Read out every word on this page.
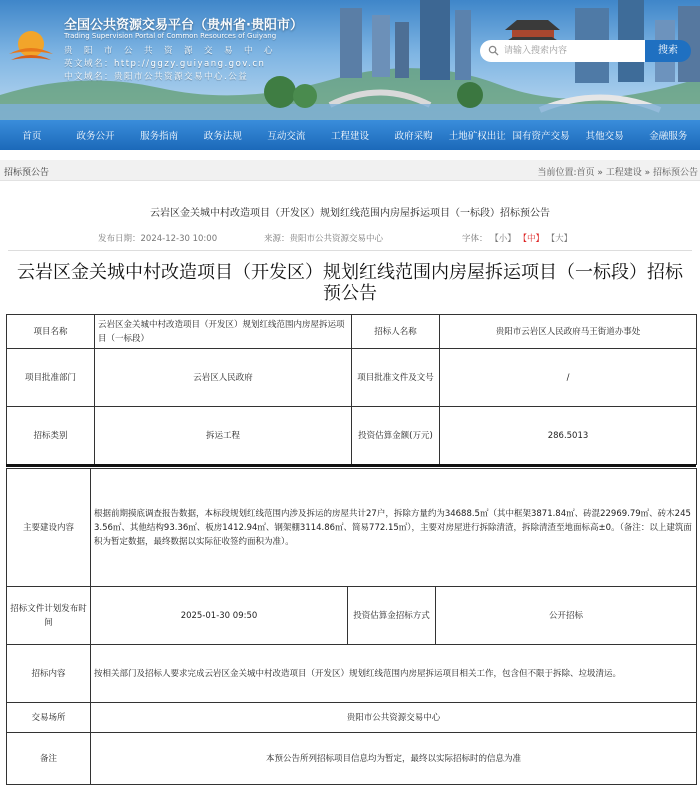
全国公共资源交易平台（贵州省·贵阳市）
Trading Supervision Portal of Common Resources of Guiyang
贵　阳　市　公　共　资　源　交　易　中　心
英文域名：http://ggzy.guiyang.gov.cn
中文域名：贵阳市公共资源交易中心.公益
请输入搜索内容	搜索
首页	政务公开	服务指南	政务法规	互动交流	工程建设	政府采购	土地矿权出让 国有资产交易	其他交易	金融服务
招标预公告	当前位置:首页 » 工程建设 » 招标预公告
云岩区金关城中村改造项目（开发区）规划红线范围内房屋拆运项目（一标段）招标预公告
发布日期：2024-12-30 10:00	来源：贵阳市公共资源交易中心	字体： 【小】 【中】 【大】
云岩区金关城中村改造项目（开发区）规划红线范围内房屋拆运项目（一标段）招标预公告
项目名称	云岩区金关城中村改造项目（开发区）规划红线范围内房屋拆运项目（一标段）	招标人名称	贵阳市云岩区人民政府马王街道办事处
项目批准部门	云岩区人民政府	项目批准文件及文号	/
招标类别	拆运工程	投资估算金额(万元)	286.5013
主要建设内容	根据前期摸底调查报告数据，本标段规划红线范围内涉及拆运的房屋共计27户，拆除方量约为34688.5㎡（其中框架3871.84㎡、砖混22969.79㎡、砖木2453.56㎡、其他结构93.36㎡、板房1412.94㎡、钢架棚3114.86㎡、简易772.15㎡），主要对房屋进行拆除清渣，拆除清渣至地面标高±0。（备注：以上建筑面积为暂定数据，最终数据以实际征收签约面积为准）。		
招标文件计划发布时间	2025-01-30 09:50	投资估算金招标方式	公开招标
招标内容	按相关部门及招标人要求完成云岩区金关城中村改造项目（开发区）规划红线范围内房屋拆运项目相关工作，包含但不限于拆除、垃圾清运。		
交易场所	贵阳市公共资源交易中心		
备注	本预公告所列招标项目信息均为暂定，最终以实际招标时的信息为准		
